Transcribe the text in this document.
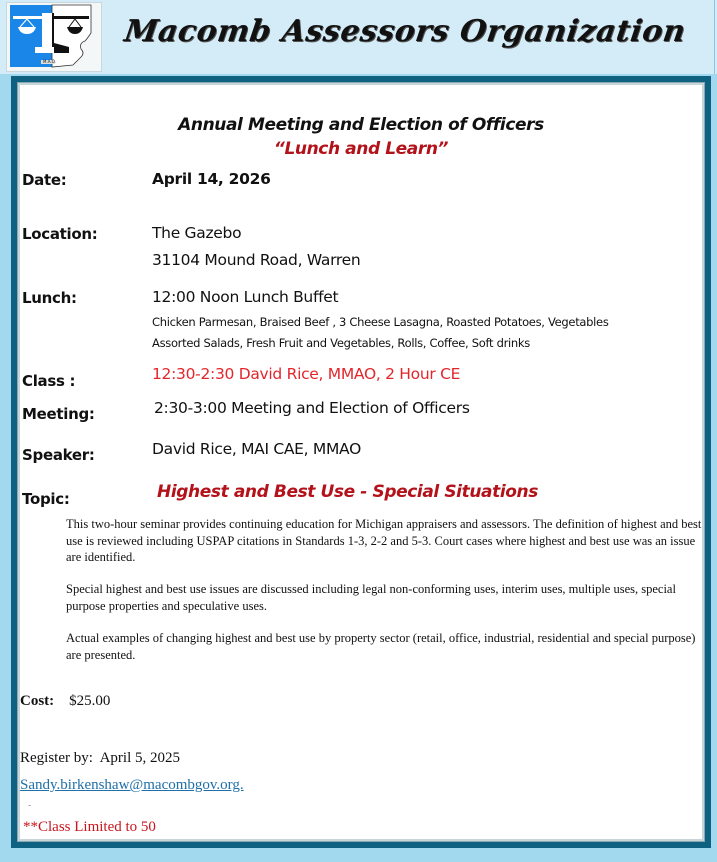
M.A.O.
Macomb Assessors Organization
Annual Meeting and Election of Officers
“Lunch and Learn”
Date:	April 14, 2026
Location:	The Gazebo
31104 Mound Road, Warren
Lunch:	12:00 Noon Lunch Buffet
Chicken Parmesan, Braised Beef , 3 Cheese Lasagna, Roasted Potatoes, Vegetables
Assorted Salads, Fresh Fruit and Vegetables, Rolls, Coffee, Soft drinks
Class :	12:30-2:30 David Rice, MMAO, 2 Hour CE
Meeting:	2:30-3:00 Meeting and Election of Officers
Speaker:	David Rice, MAI CAE, MMAO
Topic:	Highest and Best Use - Special Situations
This two-hour seminar provides continuing education for Michigan appraisers and assessors. The definition of highest and best use is reviewed including USPAP citations in Standards 1-3, 2-2 and 5-3. Court cases where highest and best use was an issue are identified.
Special highest and best use issues are discussed including legal non-conforming uses, interim uses, multiple uses, special purpose properties and speculative uses.
Actual examples of changing highest and best use by property sector (retail, office, industrial, residential and special purpose) are presented.
Cost: $25.00
Register by: April 5, 2025
Sandy.birkenshaw@macombgov.org.
-
**Class Limited to 50
